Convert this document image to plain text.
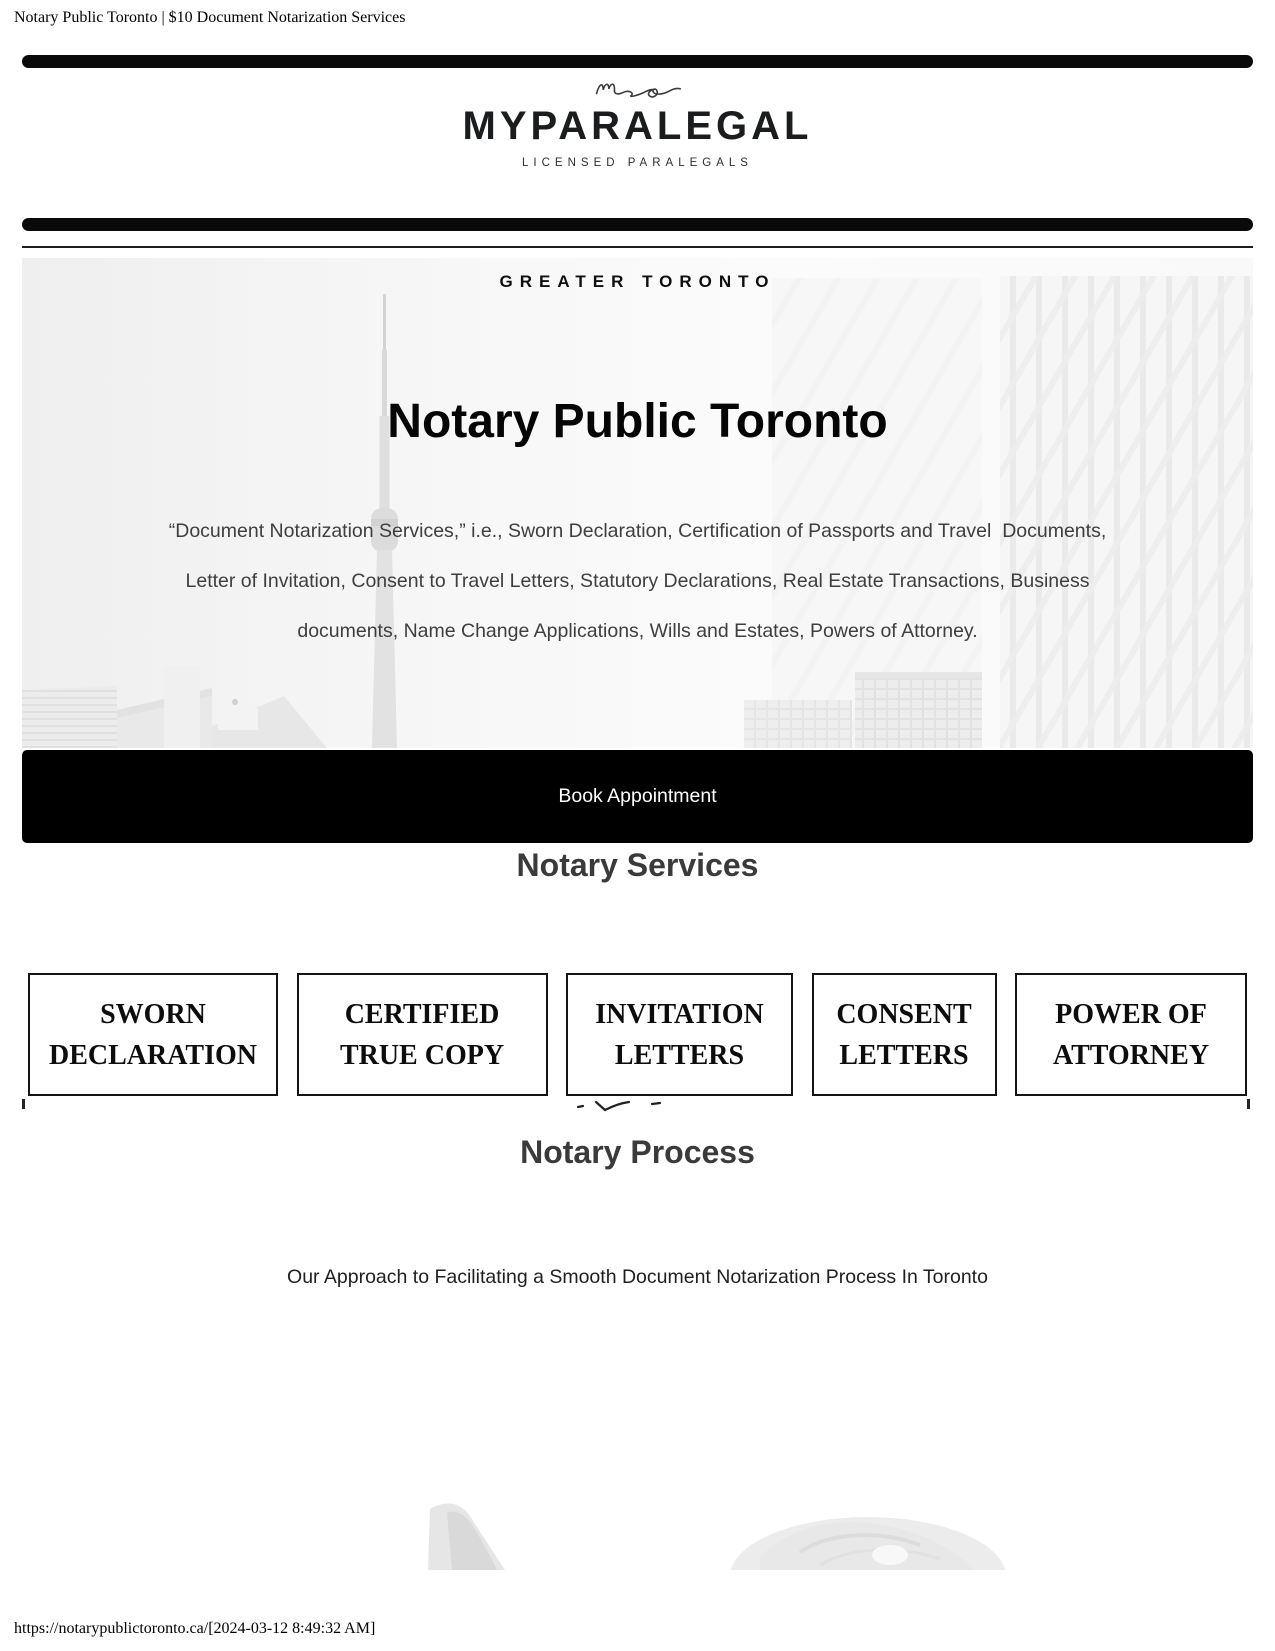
Notary Public Toronto | $10 Document Notarization Services
MYPARALEGAL
LICENSED PARALEGALS
GREATER TORONTO
Notary Public Toronto
“Document Notarization Services,” i.e., Sworn Declaration, Certification of Passports and Travel  Documents,
Letter of Invitation, Consent to Travel Letters, Statutory Declarations, Real Estate Transactions, Business
documents, Name Change Applications, Wills and Estates, Powers of Attorney.
Book Appointment
Notary Services
SWORN
DECLARATION
CERTIFIED
TRUE COPY
INVITATION
LETTERS
CONSENT
LETTERS
POWER OF
ATTORNEY
Notary Process
Our Approach to Facilitating a Smooth Document Notarization Process In Toronto
https://notarypublictoronto.ca/[2024-03-12 8:49:32 AM]
